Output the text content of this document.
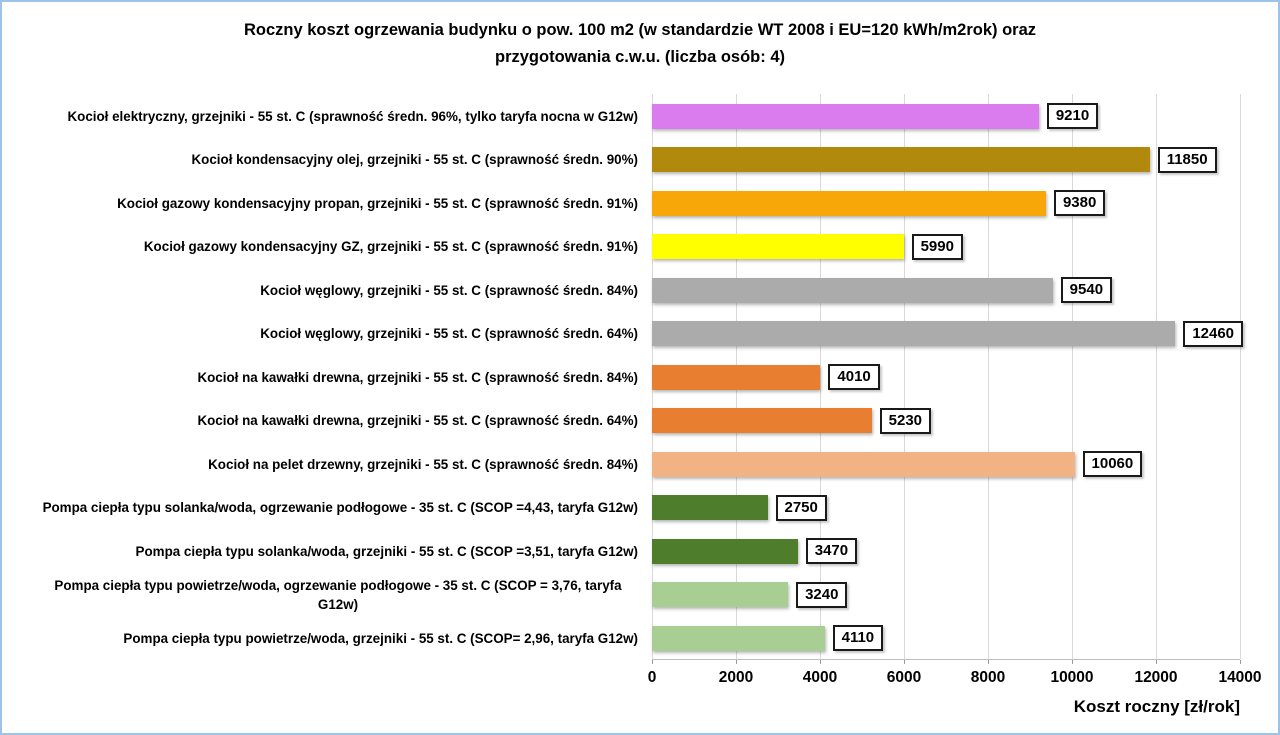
Roczny koszt ogrzewania budynku o pow. 100 m2 (w standardzie WT 2008 i EU=120 kWh/m2rok) oraz
przygotowania c.w.u. (liczba osób: 4)
Kocioł elektryczny, grzejniki - 55 st. C (sprawność średn. 96%, tylko taryfa nocna w G12w)	9210
Kocioł kondensacyjny olej, grzejniki - 55 st. C (sprawność średn. 90%)	11850
Kocioł gazowy kondensacyjny propan, grzejniki - 55 st. C (sprawność średn. 91%)	9380
Kocioł gazowy kondensacyjny GZ, grzejniki - 55 st. C (sprawność średn. 91%)	5990
Kocioł węglowy, grzejniki - 55 st. C (sprawność średn. 84%)	9540
Kocioł węglowy, grzejniki - 55 st. C (sprawność średn. 64%)	12460
Kocioł na kawałki drewna, grzejniki - 55 st. C (sprawność średn. 84%)	4010
Kocioł na kawałki drewna, grzejniki - 55 st. C (sprawność średn. 64%)	5230
Kocioł na pelet drzewny, grzejniki - 55 st. C (sprawność średn. 84%)	10060
Pompa ciepła typu solanka/woda, ogrzewanie podłogowe - 35 st. C (SCOP =4,43, taryfa G12w)	2750
Pompa ciepła typu solanka/woda, grzejniki - 55 st. C (SCOP =3,51, taryfa G12w)	3470
Pompa ciepła typu powietrze/woda, ogrzewanie podłogowe - 35 st. C (SCOP = 3,76, taryfa G12w)
3240
Pompa ciepła typu powietrze/woda, grzejniki - 55 st. C (SCOP= 2,96, taryfa G12w)	4110
0	2000	4000	6000	8000	10000	12000	14000
Koszt roczny [zł/rok]
